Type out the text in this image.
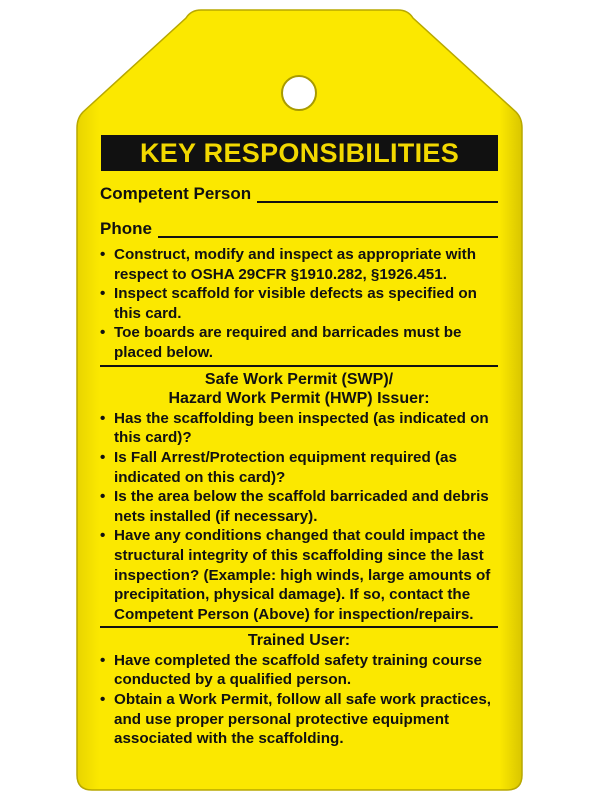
KEY RESPONSIBILITIES
Competent Person
Phone
• Construct, modify and inspect as appropriate with respect to OSHA 29CFR §1910.282, §1926.451.
• Inspect scaffold for visible defects as specified on this card.
• Toe boards are required and barricades must be placed below.
Safe Work Permit (SWP)/
Hazard Work Permit (HWP) Issuer:
• Has the scaffolding been inspected (as indicated on this card)?
• Is Fall Arrest/Protection equipment required (as indicated on this card)?
• Is the area below the scaffold barricaded and debris nets installed (if necessary).
• Have any conditions changed that could impact the structural integrity of this scaffolding since the last inspection? (Example: high winds, large amounts of precipitation, physical damage). If so, contact the Competent Person (Above) for inspection/repairs.
Trained User:
• Have completed the scaffold safety training course conducted by a qualified person.
• Obtain a Work Permit, follow all safe work practices, and use proper personal protective equipment associated with the scaffolding.
